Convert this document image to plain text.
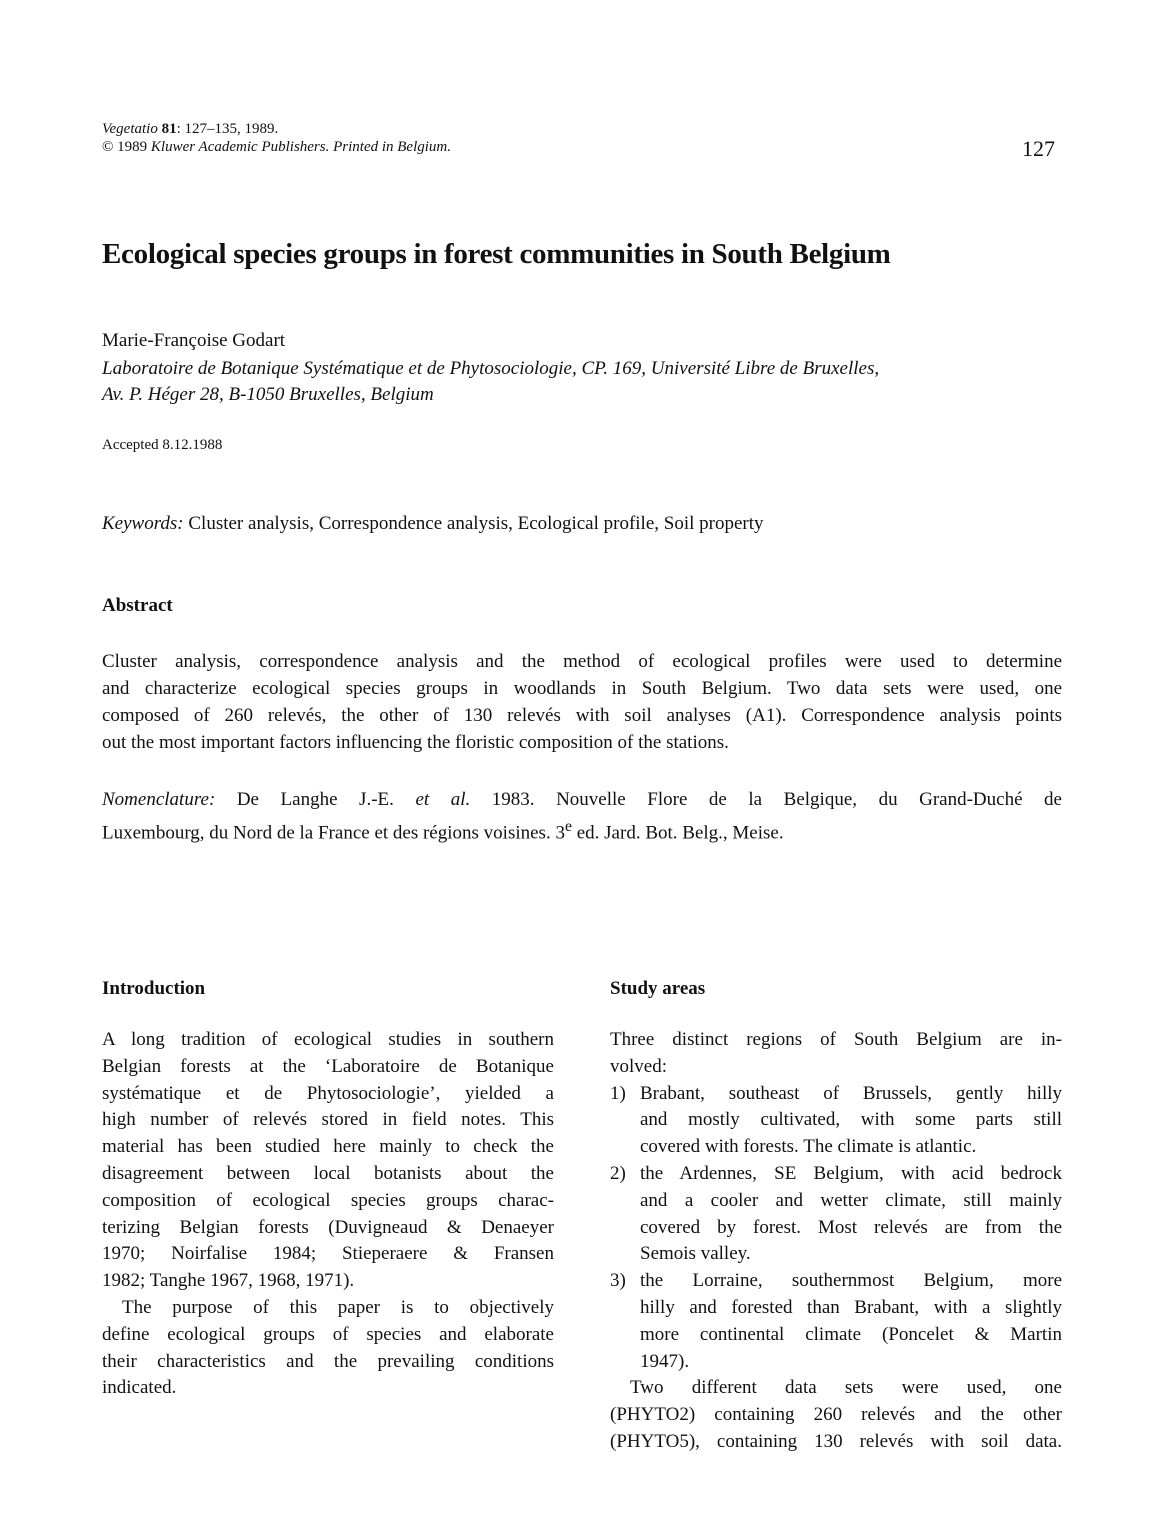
Vegetatio 81: 127–135, 1989.
© 1989 Kluwer Academic Publishers. Printed in Belgium.	127
Ecological species groups in forest communities in South Belgium
Marie-Françoise Godart
Laboratoire de Botanique Systématique et de Phytosociologie, CP. 169, Université Libre de Bruxelles,
Av. P. Héger 28, B-1050 Bruxelles, Belgium
Accepted 8.12.1988
Keywords: Cluster analysis, Correspondence analysis, Ecological profile, Soil property
Abstract

Cluster analysis, correspondence analysis and the method of ecological profiles were used to determine
and characterize ecological species groups in woodlands in South Belgium. Two data sets were used, one
composed of 260 relevés, the other of 130 relevés with soil analyses (A1). Correspondence analysis points
out the most important factors influencing the floristic composition of the stations.

Nomenclature: De Langhe J.-E. et al. 1983. Nouvelle Flore de la Belgique, du Grand-Duché de
Luxembourg, du Nord de la France et des régions voisines. 3e ed. Jard. Bot. Belg., Meise.

Introduction

A long tradition of ecological studies in southern
Belgian forests at the ‘Laboratoire de Botanique
systématique et de Phytosociologie’, yielded a
high number of relevés stored in field notes. This
material has been studied here mainly to check the
disagreement between local botanists about the
composition of ecological species groups charac-
terizing Belgian forests (Duvigneaud & Denaeyer
1970; Noirfalise 1984; Stieperaere & Fransen
1982; Tanghe 1967, 1968, 1971).

The purpose of this paper is to objectively
define ecological groups of species and elaborate
their characteristics and the prevailing conditions
indicated.

Study areas

Three distinct regions of South Belgium are in-
volved:

1) Brabant, southeast of Brussels, gently hilly
and mostly cultivated, with some parts still
covered with forests. The climate is atlantic.
2) the Ardennes, SE Belgium, with acid bedrock
and a cooler and wetter climate, still mainly
covered by forest. Most relevés are from the
Semois valley.
3) the Lorraine, southernmost Belgium, more
hilly and forested than Brabant, with a slightly
more continental climate (Poncelet & Martin
1947).

Two different data sets were used, one
(PHYTO2) containing 260 relevés and the other
(PHYTO5), containing 130 relevés with soil data.
